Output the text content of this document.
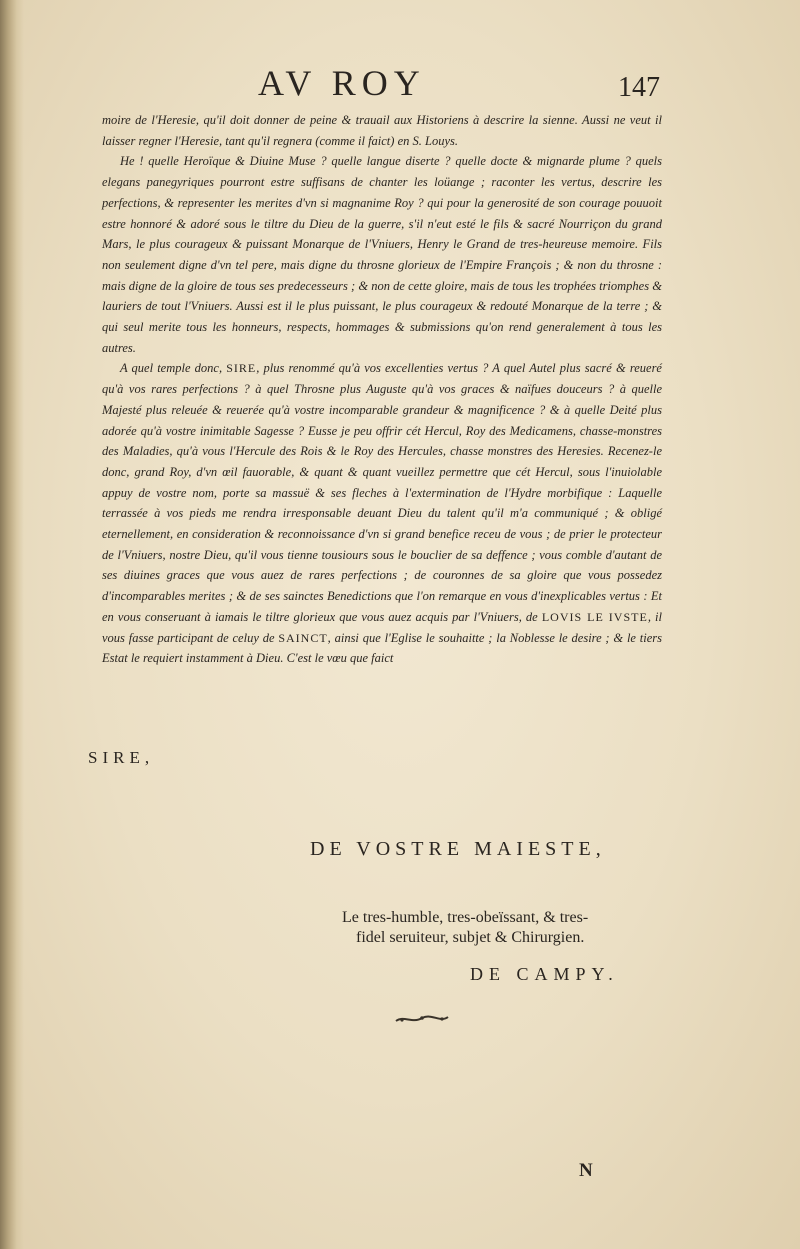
AV ROY	147

moire de l'Heresie, qu'il doit donner de peine & trauail aux Historiens à descrire la sienne. Aussi ne veut il laisser regner l'Heresie, tant qu'il regnera (comme il faict) en S. Louys.

He ! quelle Heroïque & Diuine Muse ? quelle langue diserte ? quelle docte & mignarde plume ? quels elegans panegyriques pourront estre suffisans de chanter les loüange ; raconter les vertus, descrire les perfections, & representer les merites d'vn si magnanime Roy ? qui pour la generosité de son courage pouuoit estre honnoré & adoré sous le tiltre du Dieu de la guerre, s'il n'eut esté le fils & sacré Nourriçon du grand Mars, le plus courageux & puissant Monarque de l'Vniuers, Henry le Grand de tres-heureuse memoire. Fils non seulement digne d'vn tel pere, mais digne du throsne glorieux de l'Empire François ; & non du throsne : mais digne de la gloire de tous ses predecesseurs ; & non de cette gloire, mais de tous les trophées triomphes & lauriers de tout l'Vniuers. Aussi est il le plus puissant, le plus courageux & redouté Monarque de la terre ; & qui seul merite tous les honneurs, respects, hommages & submissions qu'on rend generalement à tous les autres.

A quel temple donc, SIRE, plus renommé qu'à vos excellenties vertus ? A quel Autel plus sacré & reueré qu'à vos rares perfections ? à quel Throsne plus Auguste qu'à vos graces & naïfues douceurs ? à quelle Majesté plus releuée & reuerée qu'à vostre incomparable grandeur & magnificence ? & à quelle Deité plus adorée qu'à vostre inimitable Sagesse ? Eusse je peu offrir cét Hercul, Roy des Medicamens, chasse-monstres des Maladies, qu'à vous l'Hercule des Rois & le Roy des Hercules, chasse monstres des Heresies. Recenez-le donc, grand Roy, d'vn œil fauorable, & quant & quant vueillez permettre que cét Hercul, sous l'inuiolable appuy de vostre nom, porte sa massuë & ses fleches à l'extermination de l'Hydre morbifique : Laquelle terrassée à vos pieds me rendra irresponsable deuant Dieu du talent qu'il m'a communiqué ; & obligé eternellement, en consideration & reconnoissance d'vn si grand benefice receu de vous ; de prier le protecteur de l'Vniuers, nostre Dieu, qu'il vous tienne tousiours sous le bouclier de sa deffence ; vous comble d'autant de ses diuines graces que vous auez de rares perfections ; de couronnes de sa gloire que vous possedez d'incomparables merites ; & de ses sainctes Benedictions que l'on remarque en vous d'inexplicables vertus : Et en vous conseruant à iamais le tiltre glorieux que vous auez acquis par l'Vniuers, de LOVIS LE IVSTE, il vous fasse participant de celuy de SAINCT, ainsi que l'Eglise le souhaitte ; la Noblesse le desire ; & le tiers Estat le requiert instamment à Dieu. C'est le vœu que faict

SIRE,
DE VOSTRE MAIESTE,
Le tres-humble, tres-obeïssant, & tres-
fidel seruiteur, subjet & Chirurgien.
DE CAMPY.
N
